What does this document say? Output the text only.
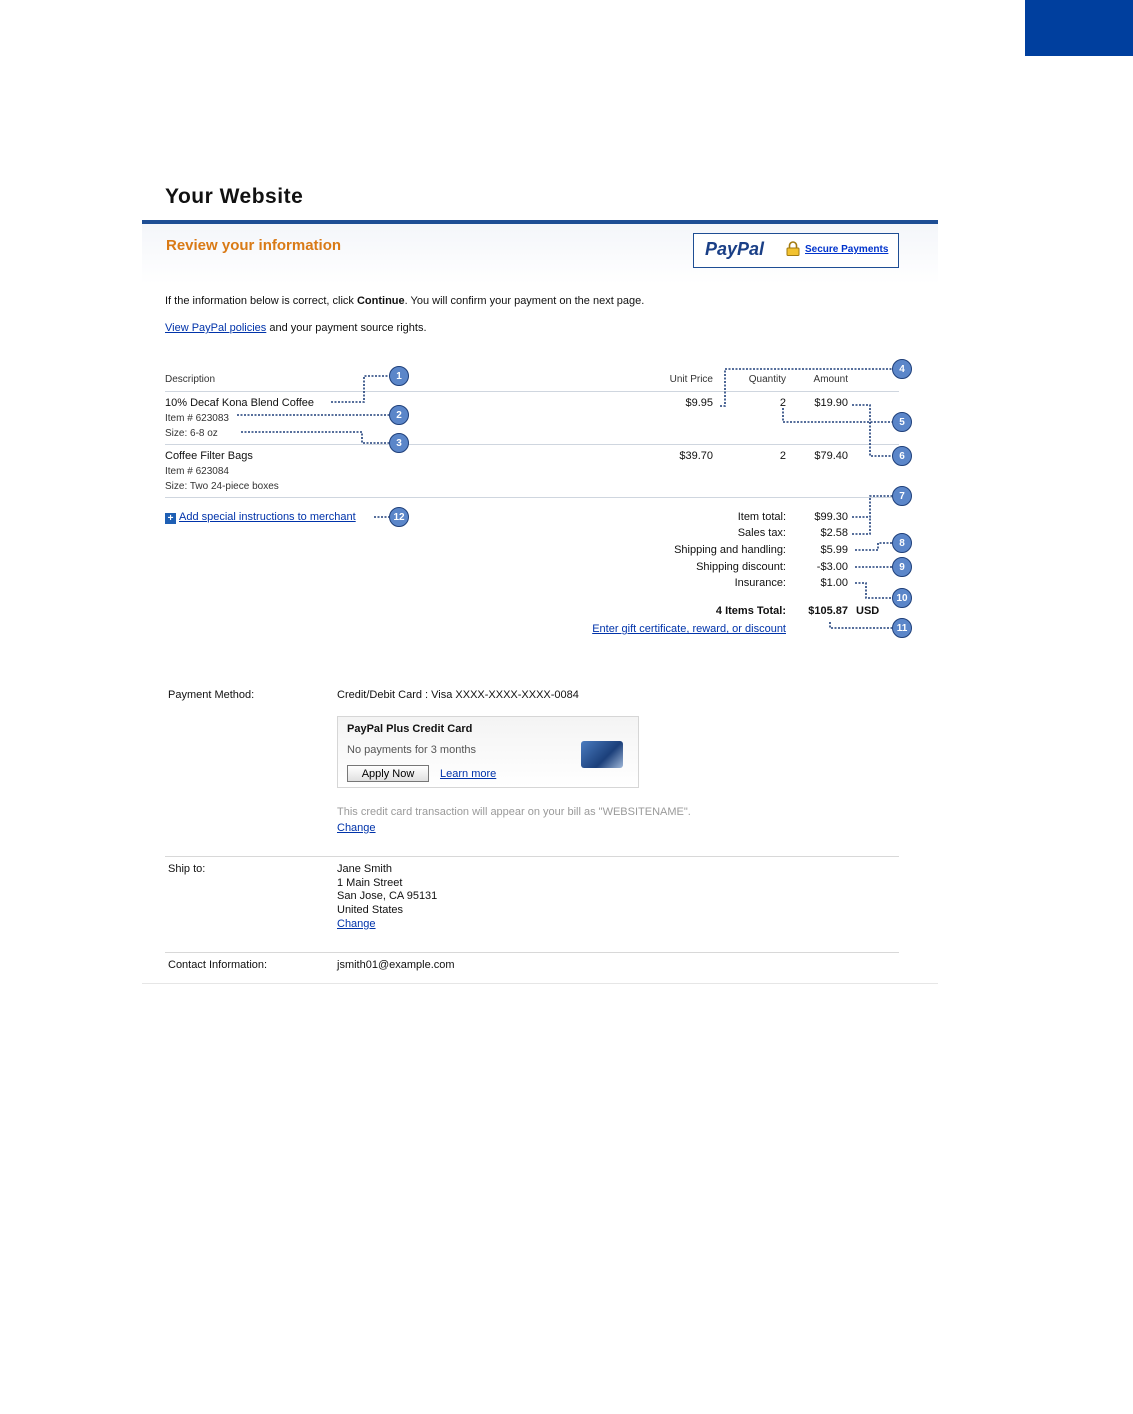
Your Website
Review your information	PayPal	Secure Payments
If the information below is correct, click Continue. You will confirm your payment on the next page.
View PayPal policies and your payment source rights.
Description	Unit Price	Quantity	Amount
10% Decaf Kona Blend Coffee
Item # 623083
Size: 6-8 oz
$9.95	2	$19.90
Coffee Filter Bags
Item # 623084
Size: Two 24-piece boxes
$39.70	2	$79.40
+ Add special instructions to merchant	Item total:	$99.30
Sales tax:	$2.58
Shipping and handling:	$5.99
Shipping discount:	-$3.00
Insurance:	$1.00
4 Items Total:	$105.87 USD
Enter gift certificate, reward, or discount
1
2
3
4
5
6
7
8
9
10
11
12
Payment Method:	Credit/Debit Card : Visa XXXX-XXXX-XXXX-0084
PayPal Plus Credit Card
No payments for 3 months
Apply Now	Learn more
This credit card transaction will appear on your bill as "WEBSITENAME".
Change
Ship to:	Jane Smith
1 Main Street
San Jose, CA 95131
United States
Change
Contact Information:	jsmith01@example.com
